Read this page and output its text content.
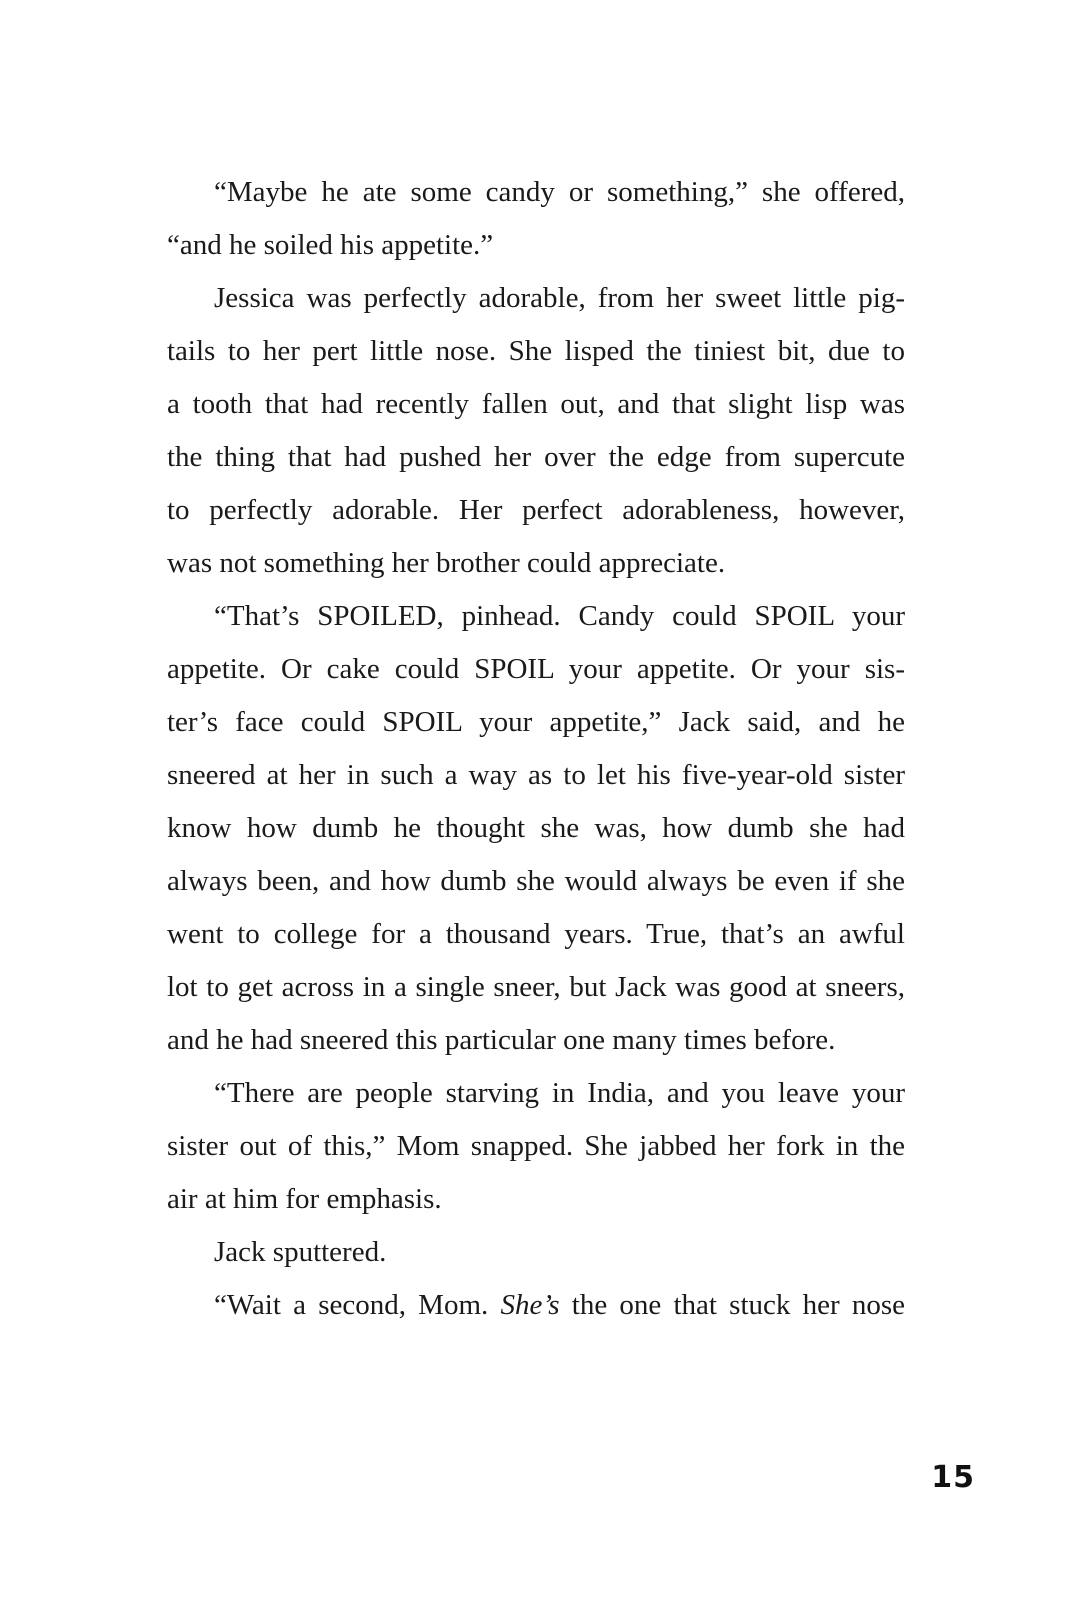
“Maybe he ate some candy or something,” she offered,
“and he soiled his appetite.”
Jessica was perfectly adorable, from her sweet little pig-
tails to her pert little nose. She lisped the tiniest bit, due to
a tooth that had recently fallen out, and that slight lisp was
the thing that had pushed her over the edge from supercute
to perfectly adorable. Her perfect adorableness, however,
was not something her brother could appreciate.
“That’s SPOILED, pinhead. Candy could SPOIL your
appetite. Or cake could SPOIL your appetite. Or your sis-
ter’s face could SPOIL your appetite,” Jack said, and he
sneered at her in such a way as to let his five-year-old sister
know how dumb he thought she was, how dumb she had
always been, and how dumb she would always be even if she
went to college for a thousand years. True, that’s an awful
lot to get across in a single sneer, but Jack was good at sneers,
and he had sneered this particular one many times before.
“There are people starving in India, and you leave your
sister out of this,” Mom snapped. She jabbed her fork in the
air at him for emphasis.
Jack sputtered.
“Wait a second, Mom. She’s the one that stuck her nose
15
